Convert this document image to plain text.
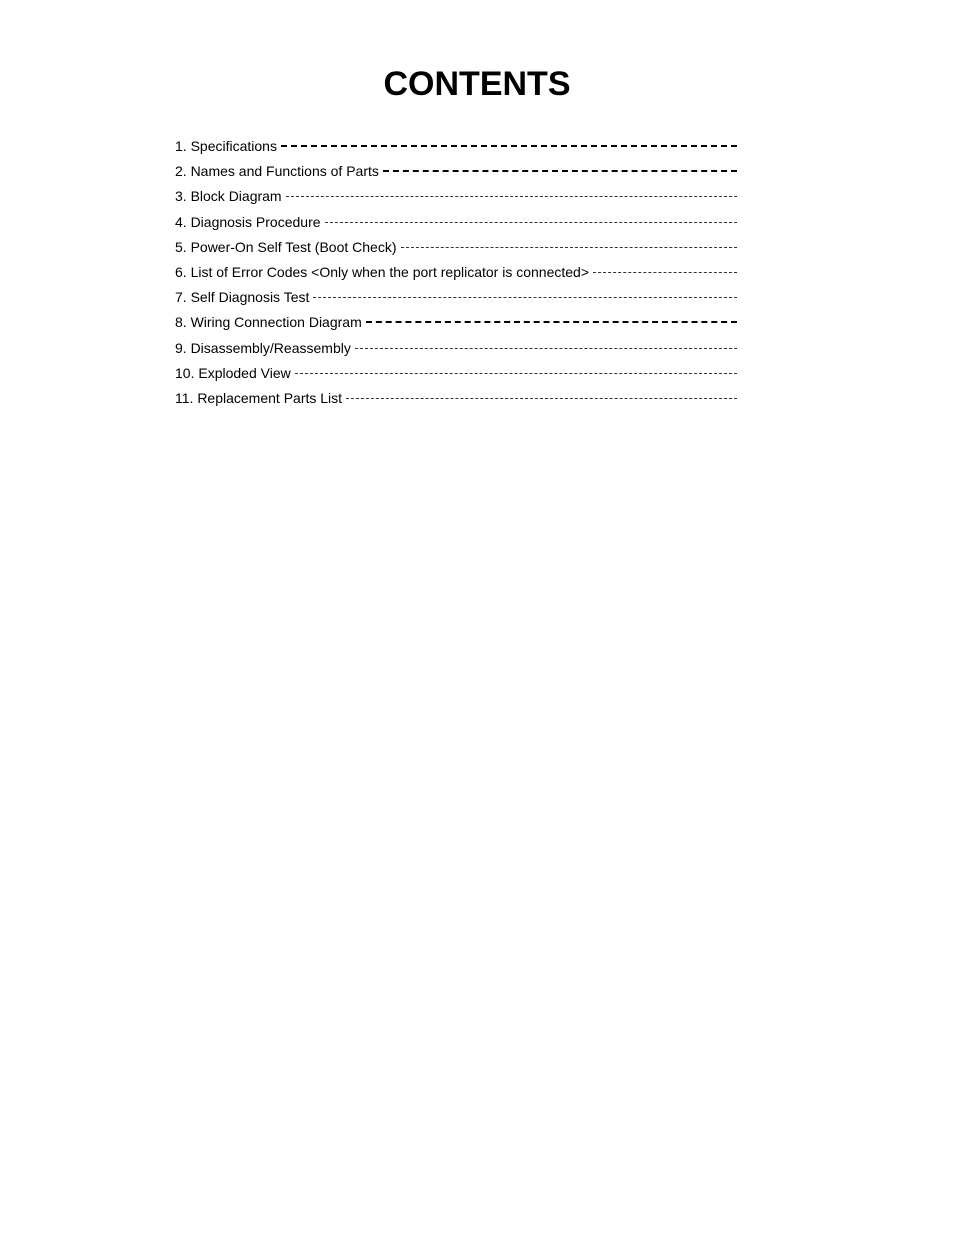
CONTENTS
1. Specifications
2. Names and Functions of Parts
3. Block Diagram
4. Diagnosis Procedure
5. Power-On Self Test (Boot Check)
6. List of Error Codes <Only when the port replicator is connected>
7. Self Diagnosis Test
8. Wiring Connection Diagram
9. Disassembly/Reassembly
10. Exploded View
11. Replacement Parts List
